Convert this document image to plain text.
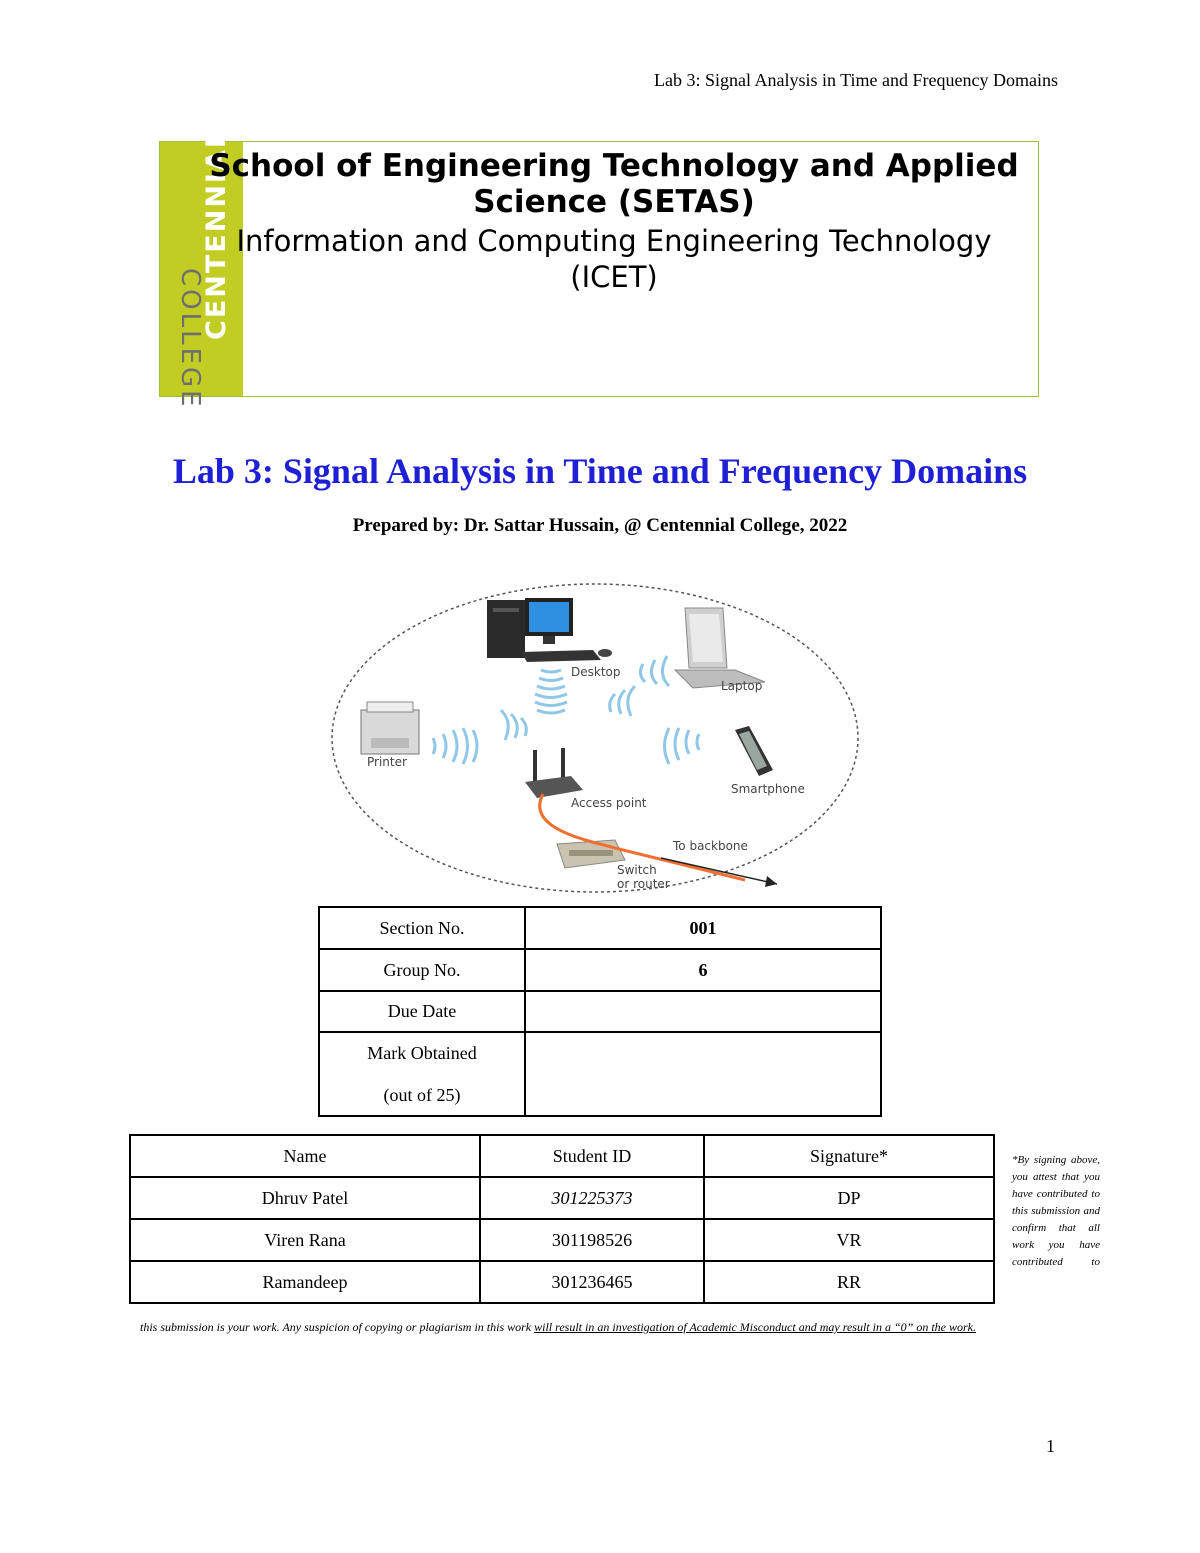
Lab 3: Signal Analysis in Time and Frequency Domains
CENTENNIAL
COLLEGE

School of Engineering Technology and Applied Science (SETAS)

Information and Computing Engineering Technology (ICET)

Lab 3: Signal Analysis in Time and Frequency Domains

Prepared by: Dr. Sattar Hussain, @ Centennial College, 2022

Desktop
Laptop
Printer
Smartphone
Access point
Switch
or router
To backbone
Section No.	001
Group No.	6
Due Date	

Mark Obtained
(out of 25)	

Name	Student ID	Signature*
Dhruv Patel	301225373	DP
Viren Rana	301198526	VR
Ramandeep	301236465	RR

*By signing above, you attest that you have contributed to this submission and confirm that all work you have contributed to

this submission is your work. Any suspicion of copying or plagiarism in this work will result in an investigation of Academic Misconduct and may result in a “0” on the work.

1
